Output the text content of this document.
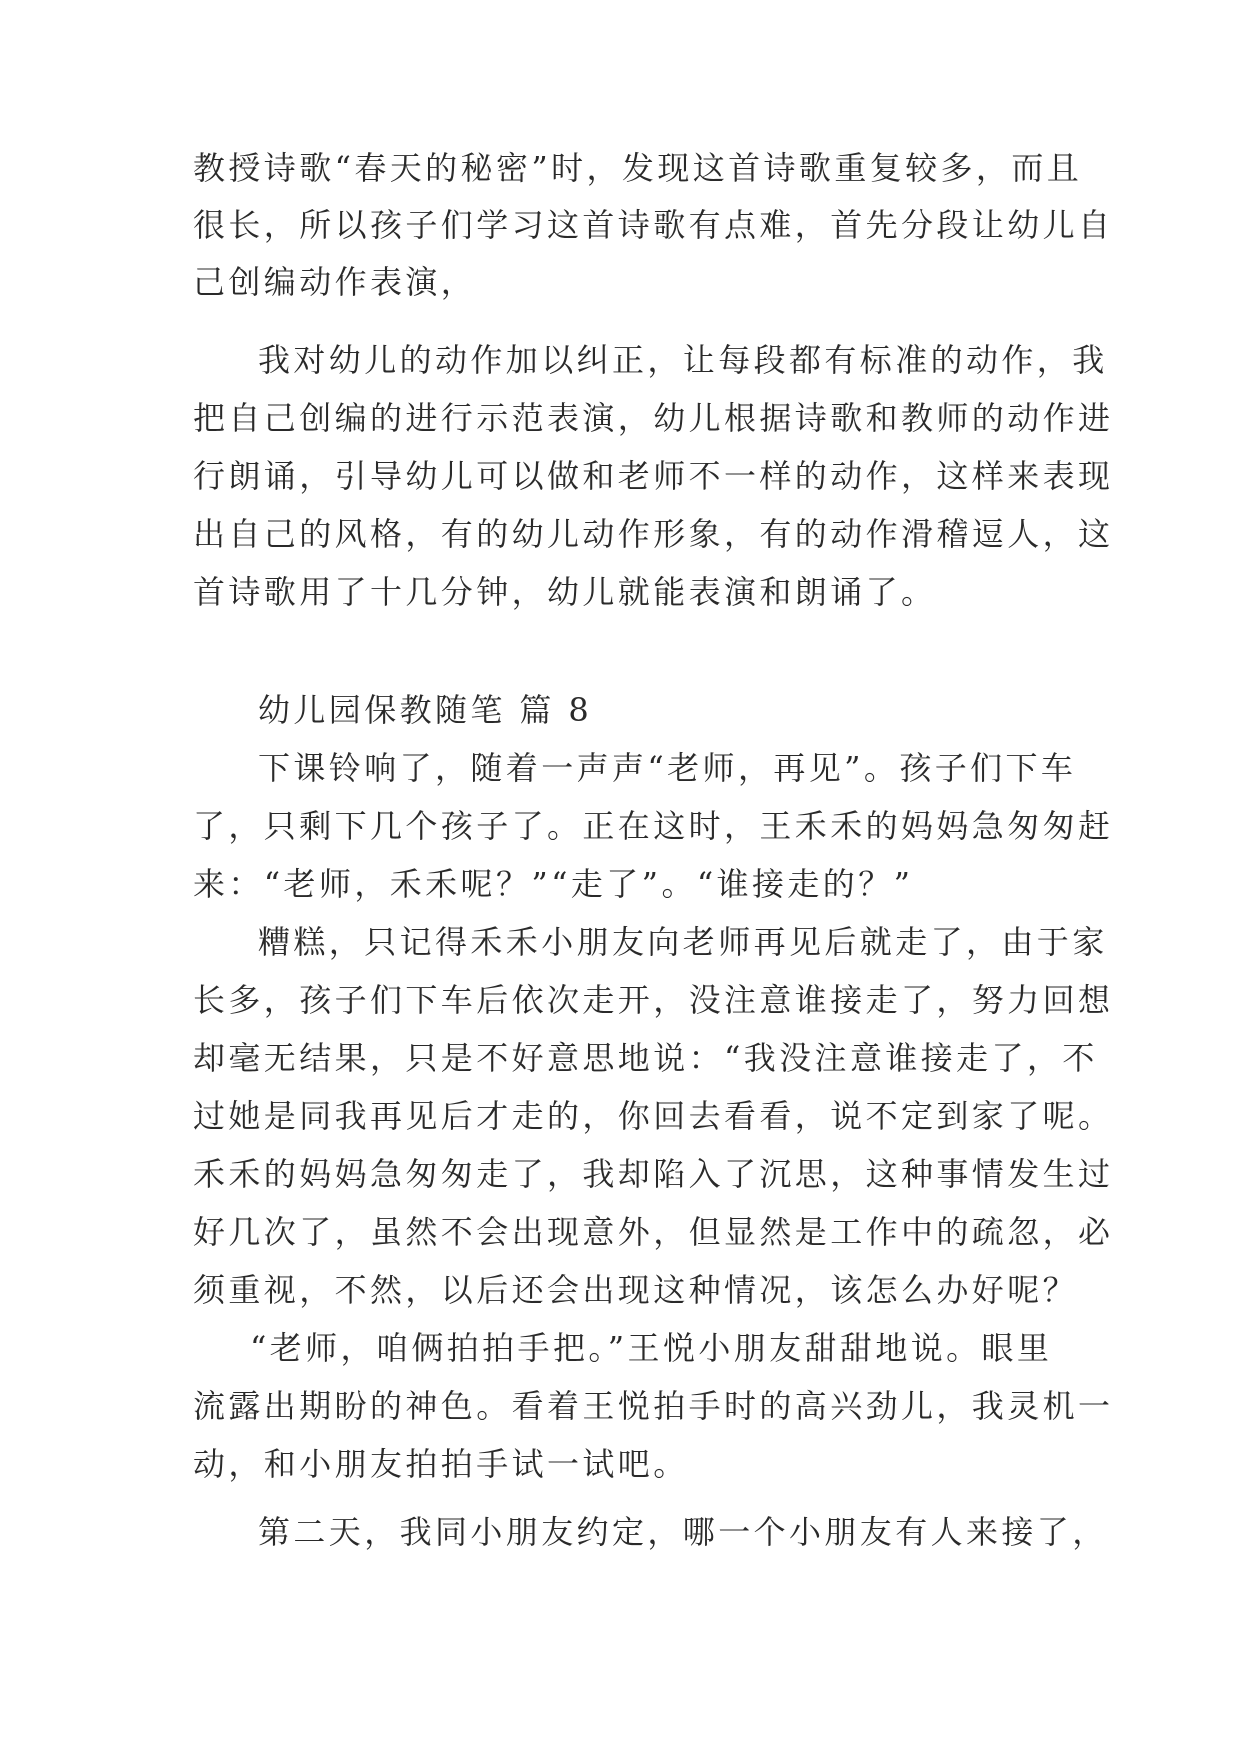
教授诗歌“春天的秘密”时，发现这首诗歌重复较多，而且
很长，所以孩子们学习这首诗歌有点难，首先分段让幼儿自
己创编动作表演，
我对幼儿的动作加以纠正，让每段都有标准的动作，我
把自己创编的进行示范表演，幼儿根据诗歌和教师的动作进
行朗诵，引导幼儿可以做和老师不一样的动作，这样来表现
出自己的风格，有的幼儿动作形象，有的动作滑稽逗人，这
首诗歌用了十几分钟，幼儿就能表演和朗诵了。
幼儿园保教随笔 篇 8
下课铃响了，随着一声声“老师，再见”。孩子们下车
了，只剩下几个孩子了。正在这时，王禾禾的妈妈急匆匆赶
来：“老师，禾禾呢？”“走了”。“谁接走的？”
糟糕，只记得禾禾小朋友向老师再见后就走了，由于家
长多，孩子们下车后依次走开，没注意谁接走了，努力回想
却毫无结果，只是不好意思地说：“我没注意谁接走了，不
过她是同我再见后才走的，你回去看看，说不定到家了呢。
禾禾的妈妈急匆匆走了，我却陷入了沉思，这种事情发生过
好几次了，虽然不会出现意外，但显然是工作中的疏忽，必
须重视，不然，以后还会出现这种情况，该怎么办好呢？
“老师，咱俩拍拍手把。”王悦小朋友甜甜地说。眼里
流露出期盼的神色。看着王悦拍手时的高兴劲儿，我灵机一
动，和小朋友拍拍手试一试吧。
第二天，我同小朋友约定，哪一个小朋友有人来接了，
